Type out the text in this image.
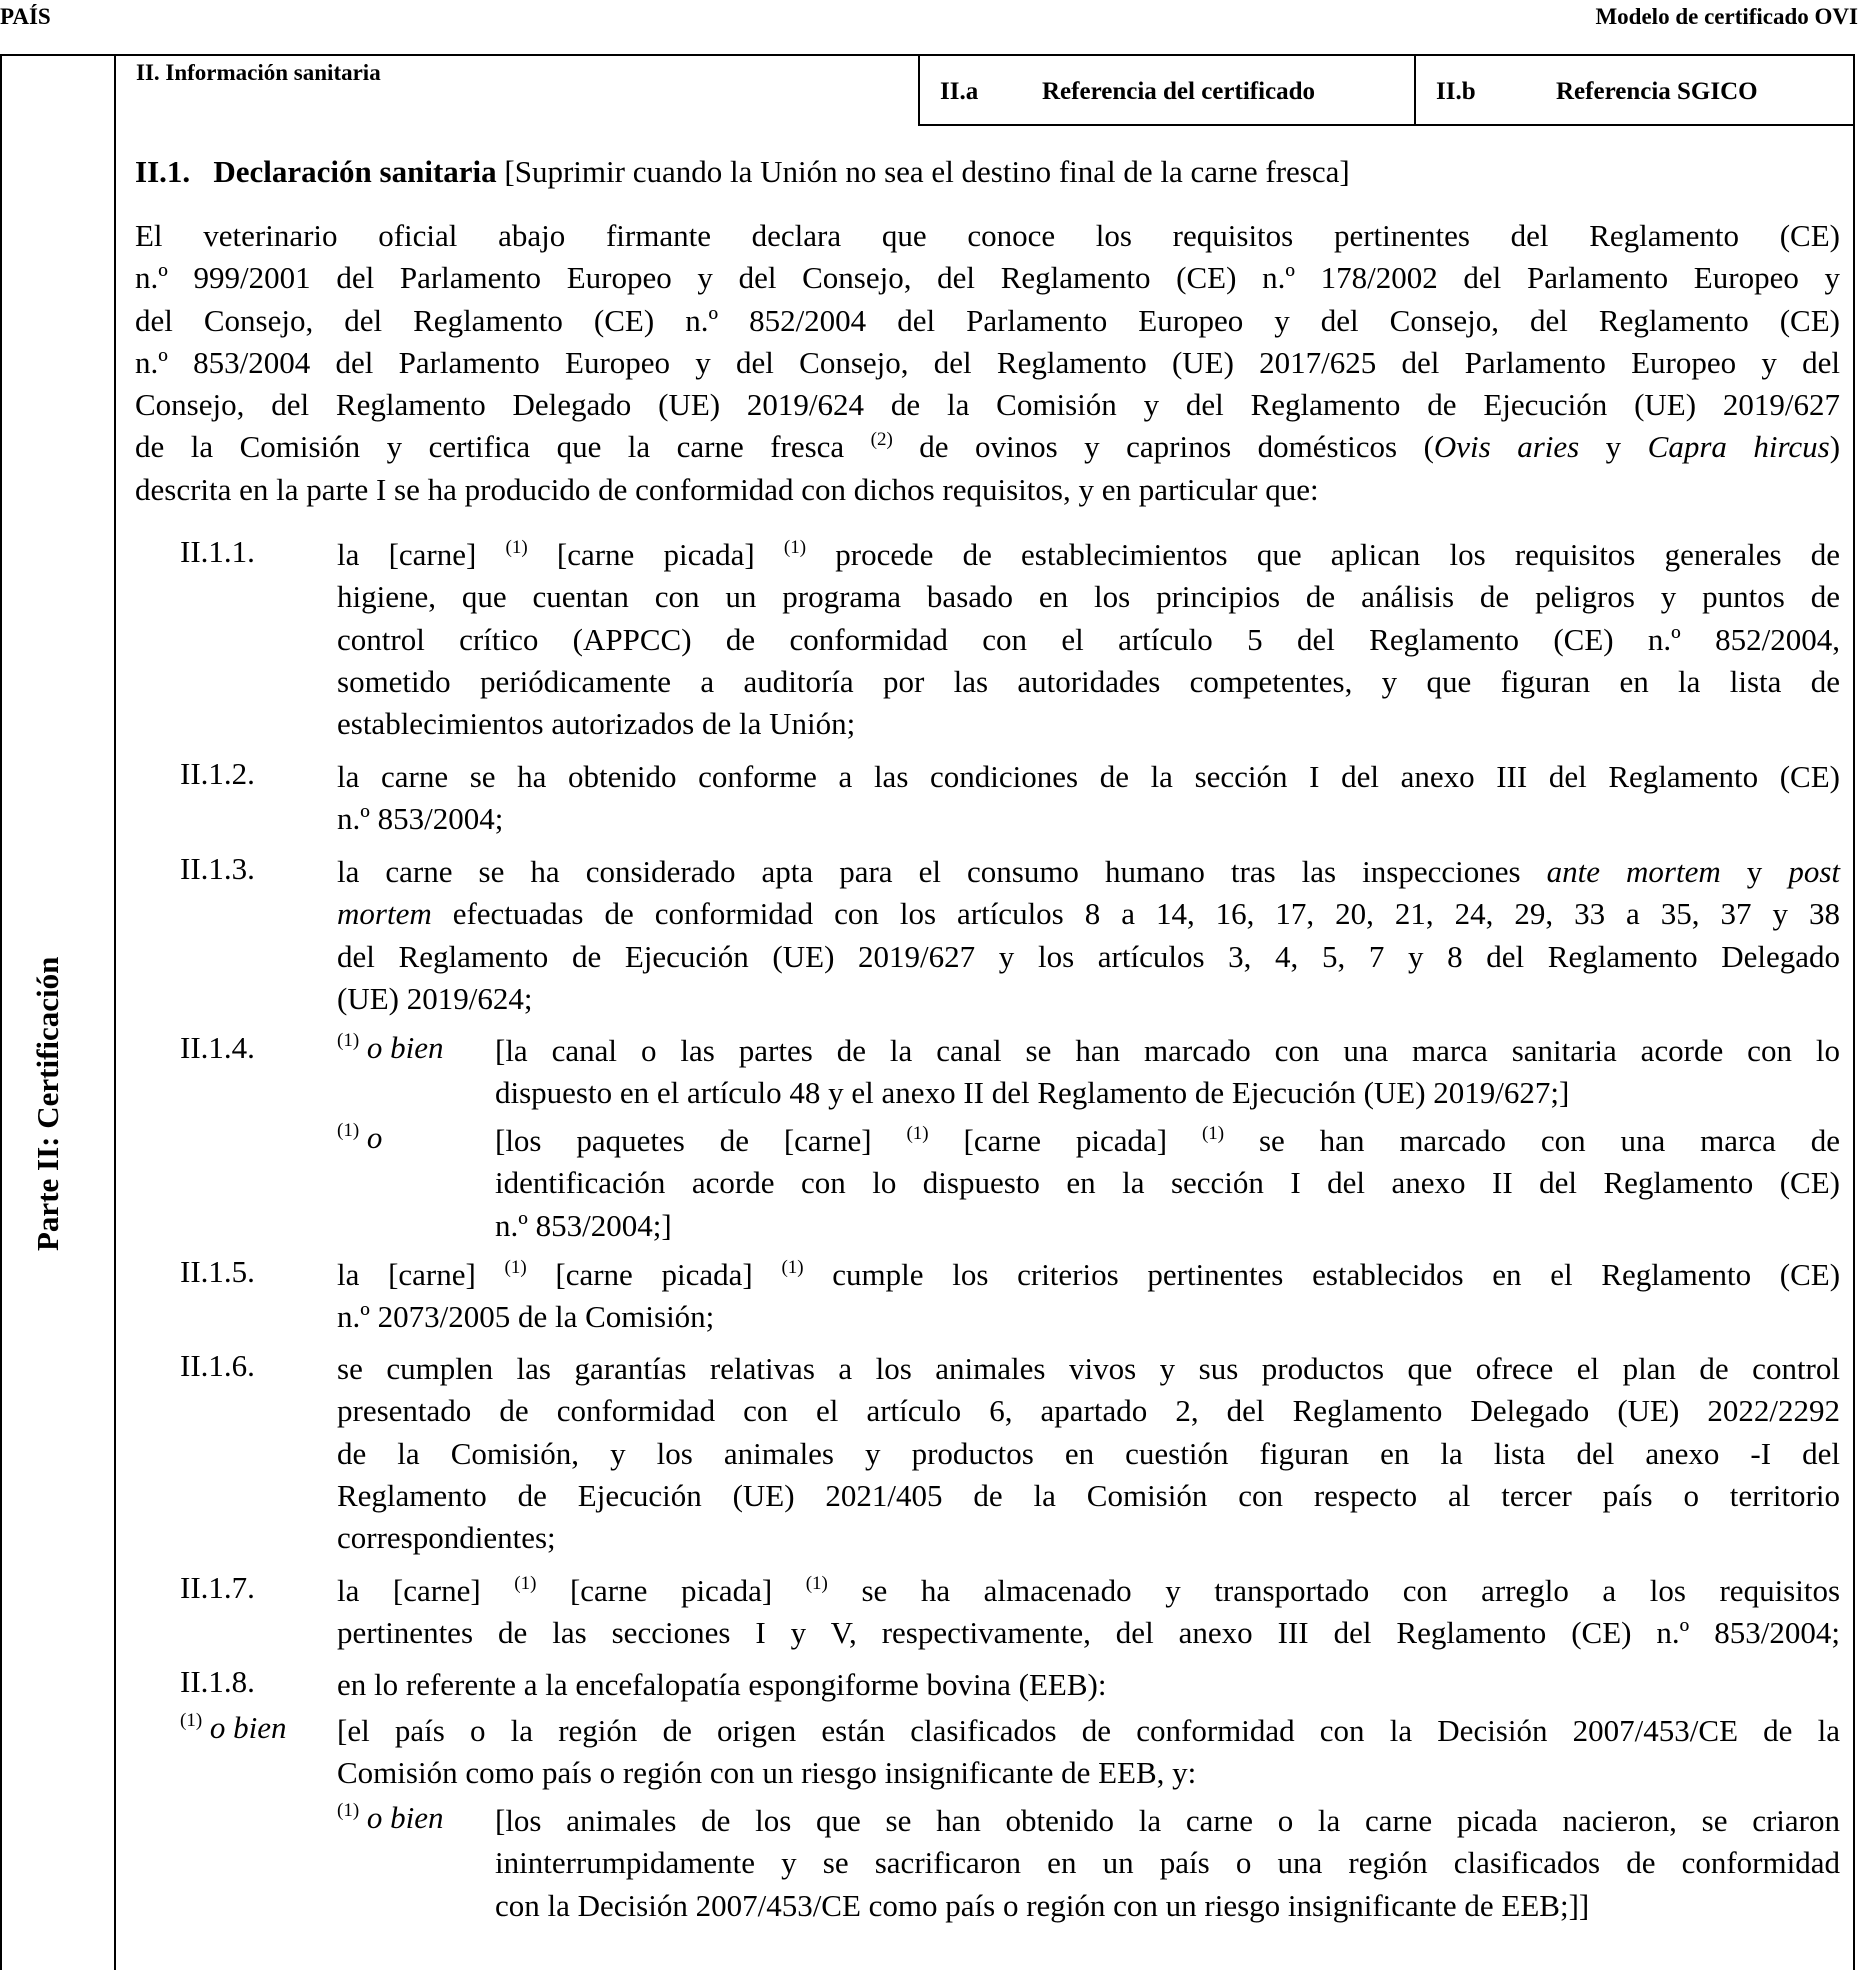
PAÍS	Modelo de certificado OVI
Parte II: Certificación
II. Información sanitaria
II.a	Referencia del certificado	II.b	Referencia SGICO
II.1. Declaración sanitaria [Suprimir cuando la Unión no sea el destino final de la carne fresca]
El veterinario oficial abajo firmante declara que conoce los requisitos pertinentes del Reglamento (CE)
n.º 999/2001 del Parlamento Europeo y del Consejo, del Reglamento (CE) n.º 178/2002 del Parlamento Europeo y
del Consejo, del Reglamento (CE) n.º 852/2004 del Parlamento Europeo y del Consejo, del Reglamento (CE)
n.º 853/2004 del Parlamento Europeo y del Consejo, del Reglamento (UE) 2017/625 del Parlamento Europeo y del
Consejo, del Reglamento Delegado (UE) 2019/624 de la Comisión y del Reglamento de Ejecución (UE) 2019/627
de la Comisión y certifica que la carne fresca $^{(2)}$ de ovinos y caprinos domésticos (Ovis aries y Capra hircus)
descrita en la parte I se ha producido de conformidad con dichos requisitos, y en particular que:
II.1.1.	la [carne] $^{(1)}$ [carne picada] $^{(1)}$ procede de establecimientos que aplican los requisitos generales de
higiene, que cuentan con un programa basado en los principios de análisis de peligros y puntos de
control crítico (APPCC) de conformidad con el artículo 5 del Reglamento (CE) n.º 852/2004,
sometido periódicamente a auditoría por las autoridades competentes, y que figuran en la lista de
establecimientos autorizados de la Unión;
II.1.2.	la carne se ha obtenido conforme a las condiciones de la sección I del anexo III del Reglamento (CE)
n.º 853/2004;
II.1.3.	la carne se ha considerado apta para el consumo humano tras las inspecciones ante mortem y post
mortem efectuadas de conformidad con los artículos 8 a 14, 16, 17, 20, 21, 24, 29, 33 a 35, 37 y 38
del Reglamento de Ejecución (UE) 2019/627 y los artículos 3, 4, 5, 7 y 8 del Reglamento Delegado
(UE) 2019/624;
II.1.4.	$^{(1)}$ o bien [la canal o las partes de la canal se han marcado con una marca sanitaria acorde con lo
dispuesto en el artículo 48 y el anexo II del Reglamento de Ejecución (UE) 2019/627;]
$^{(1)}$ o	[los paquetes de [carne] $^{(1)}$ [carne picada] $^{(1)}$ se han marcado con una marca de
identificación acorde con lo dispuesto en la sección I del anexo II del Reglamento (CE)
n.º 853/2004;]
II.1.5.	la [carne] $^{(1)}$ [carne picada] $^{(1)}$ cumple los criterios pertinentes establecidos en el Reglamento (CE)
n.º 2073/2005 de la Comisión;
II.1.6.	se cumplen las garantías relativas a los animales vivos y sus productos que ofrece el plan de control
presentado de conformidad con el artículo 6, apartado 2, del Reglamento Delegado (UE) 2022/2292
de la Comisión, y los animales y productos en cuestión figuran en la lista del anexo -I del
Reglamento de Ejecución (UE) 2021/405 de la Comisión con respecto al tercer país o territorio
correspondientes;
II.1.7.	la [carne] $^{(1)}$ [carne picada] $^{(1)}$ se ha almacenado y transportado con arreglo a los requisitos
pertinentes de las secciones I y V, respectivamente, del anexo III del Reglamento (CE) n.º 853/2004;
II.1.8.	en lo referente a la encefalopatía espongiforme bovina (EEB):
$^{(1)}$ o bien [el país o la región de origen están clasificados de conformidad con la Decisión 2007/453/CE de la
Comisión como país o región con un riesgo insignificante de EEB, y:
$^{(1)}$ o bien [los animales de los que se han obtenido la carne o la carne picada nacieron, se criaron
ininterrumpidamente y se sacrificaron en un país o una región clasificados de conformidad
con la Decisión 2007/453/CE como país o región con un riesgo insignificante de EEB;]]
